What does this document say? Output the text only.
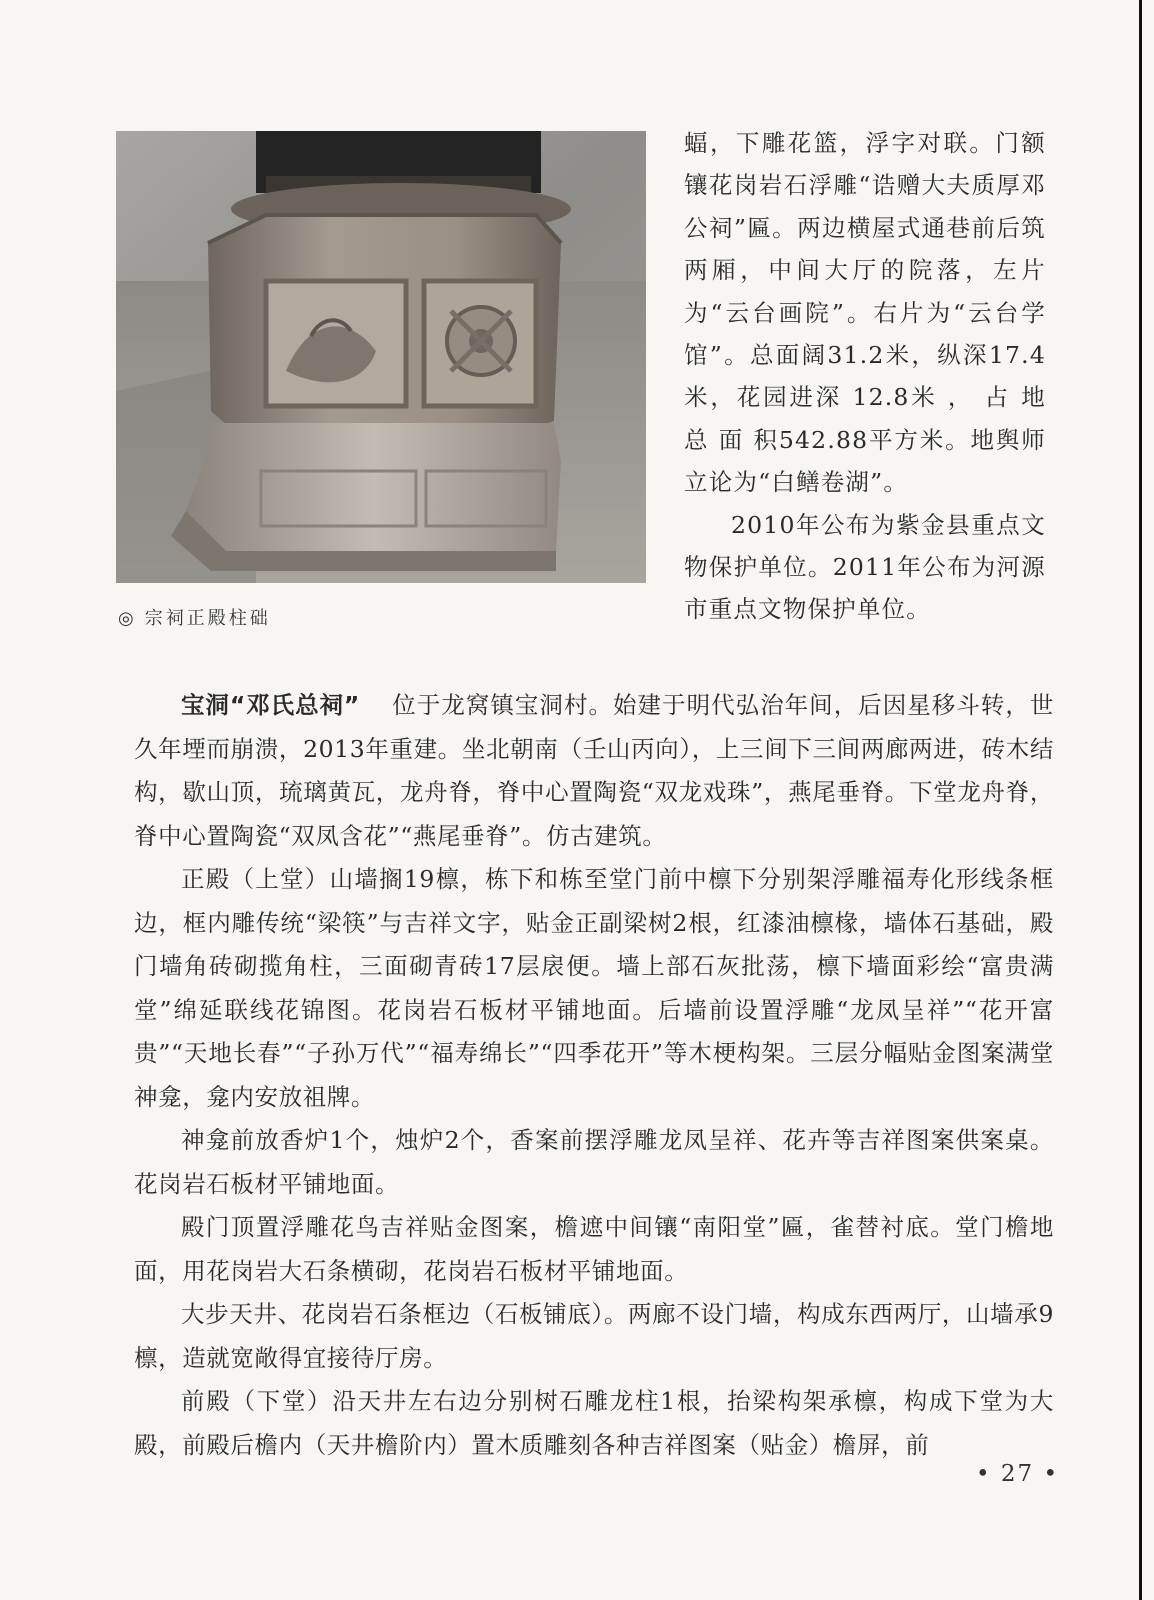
◎ 宗祠正殿柱础

蝠，下雕花篮，浮字对联。门额镶花岗岩石浮雕“诰赠大夫质厚邓公祠”匾。两边横屋式通巷前后筑两厢，中间大厅的院落，左片为“云台画院”。右片为“云台学馆”。总面阔31.2米，纵深17.4米，花园进深 12.8米 ， 占 地 总 面 积542.88平方米。地舆师立论为“白鳝卷湖”。

2010年公布为紫金县重点文物保护单位。2011年公布为河源市重点文物保护单位。

宝洞“邓氏总祠” 位于龙窝镇宝洞村。始建于明代弘治年间，后因星移斗转，世久年堙而崩溃，2013年重建。坐北朝南（壬山丙向），上三间下三间两廊两进，砖木结构，歇山顶，琉璃黄瓦，龙舟脊，脊中心置陶瓷“双龙戏珠”，燕尾垂脊。下堂龙舟脊，脊中心置陶瓷“双凤含花”“燕尾垂脊”。仿古建筑。

正殿（上堂）山墙搁19檩，栋下和栋至堂门前中檩下分别架浮雕福寿化形线条框边，框内雕传统“梁筷”与吉祥文字，贴金正副梁树2根，红漆油檩椽，墙体石基础，殿门墙角砖砌揽角柱，三面砌青砖17层扆便。墙上部石灰批荡，檩下墙面彩绘“富贵满堂”绵延联线花锦图。花岗岩石板材平铺地面。后墙前设置浮雕“龙凤呈祥”“花开富贵”“天地长春”“子孙万代”“福寿绵长”“四季花开”等木梗构架。三层分幅贴金图案满堂神龛，龛内安放祖牌。

神龛前放香炉1个，烛炉2个，香案前摆浮雕龙凤呈祥、花卉等吉祥图案供案桌。花岗岩石板材平铺地面。

殿门顶置浮雕花鸟吉祥贴金图案，檐遮中间镶“南阳堂”匾，雀替衬底。堂门檐地面，用花岗岩大石条横砌，花岗岩石板材平铺地面。

大步天井、花岗岩石条框边（石板铺底）。两廊不设门墙，构成东西两厅，山墙承9檩，造就宽敞得宜接待厅房。

前殿（下堂）沿天井左右边分别树石雕龙柱1根，抬梁构架承檩，构成下堂为大殿，前殿后檐内（天井檐阶内）置木质雕刻各种吉祥图案（贴金）檐屏，前

• 27 •
